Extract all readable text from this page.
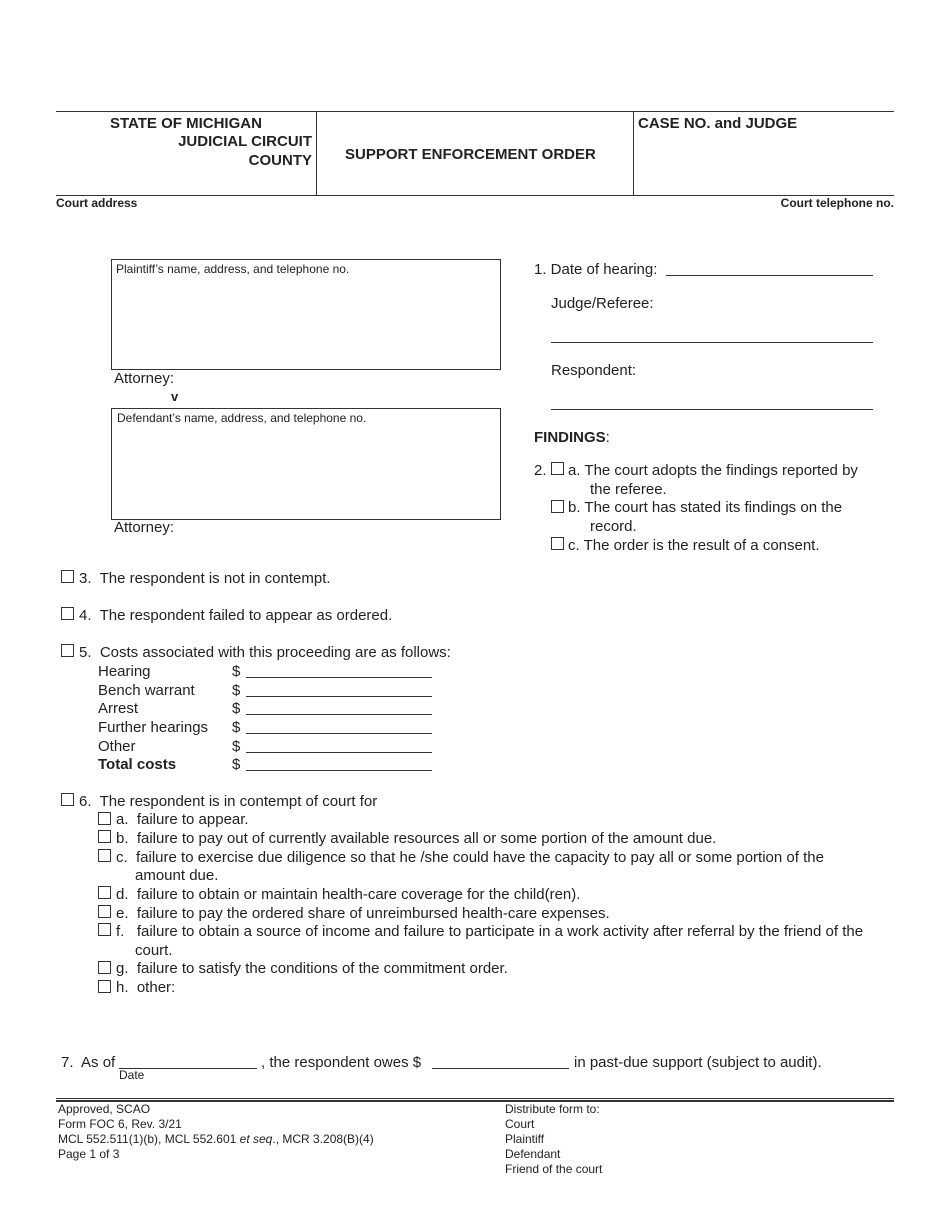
STATE OF MICHIGAN
JUDICIAL CIRCUIT
COUNTY SUPPORT ENFORCEMENT ORDER
CASE NO. and JUDGE
Court address	Court telephone no.
Plaintiff’s name, address, and telephone no.
Attorney:
v
Defendant’s name, address, and telephone no.
Attorney:
1. Date of hearing:
Judge/Referee:
Respondent:
FINDINGS:
2. a. The court adopts the findings reported by
the referee.
b. The court has stated its findings on the
record.
c. The order is the result of a consent.
3.  The respondent is not in contempt.
4.  The respondent failed to appear as ordered.
5.  Costs associated with this proceeding are as follows:
Hearing	$
Bench warrant $
Arrest	$
Further hearings $
Other	$
Total costs	$
6.  The respondent is in contempt of court for
a.  failure to appear.
b.  failure to pay out of currently available resources all or some portion of the amount due.
c.  failure to exercise due diligence so that he /she could have the capacity to pay all or some portion of the
amount due.
d.  failure to obtain or maintain health-care coverage for the child(ren).
e.  failure to pay the ordered share of unreimbursed health-care expenses.
f.   failure to obtain a source of income and failure to participate in a work activity after referral by the friend of the
court.
g.  failure to satisfy the conditions of the commitment order.
h.  other:
7.  As of
Date
, the respondent owes $	in past-due support (subject to audit).
Approved, SCAO
Form FOC 6, Rev. 3/21
MCL 552.511(1)(b), MCL 552.601 et seq., MCR 3.208(B)(4)
Page 1 of 3
Distribute form to:
Court
Plaintiff
Defendant
Friend of the court
